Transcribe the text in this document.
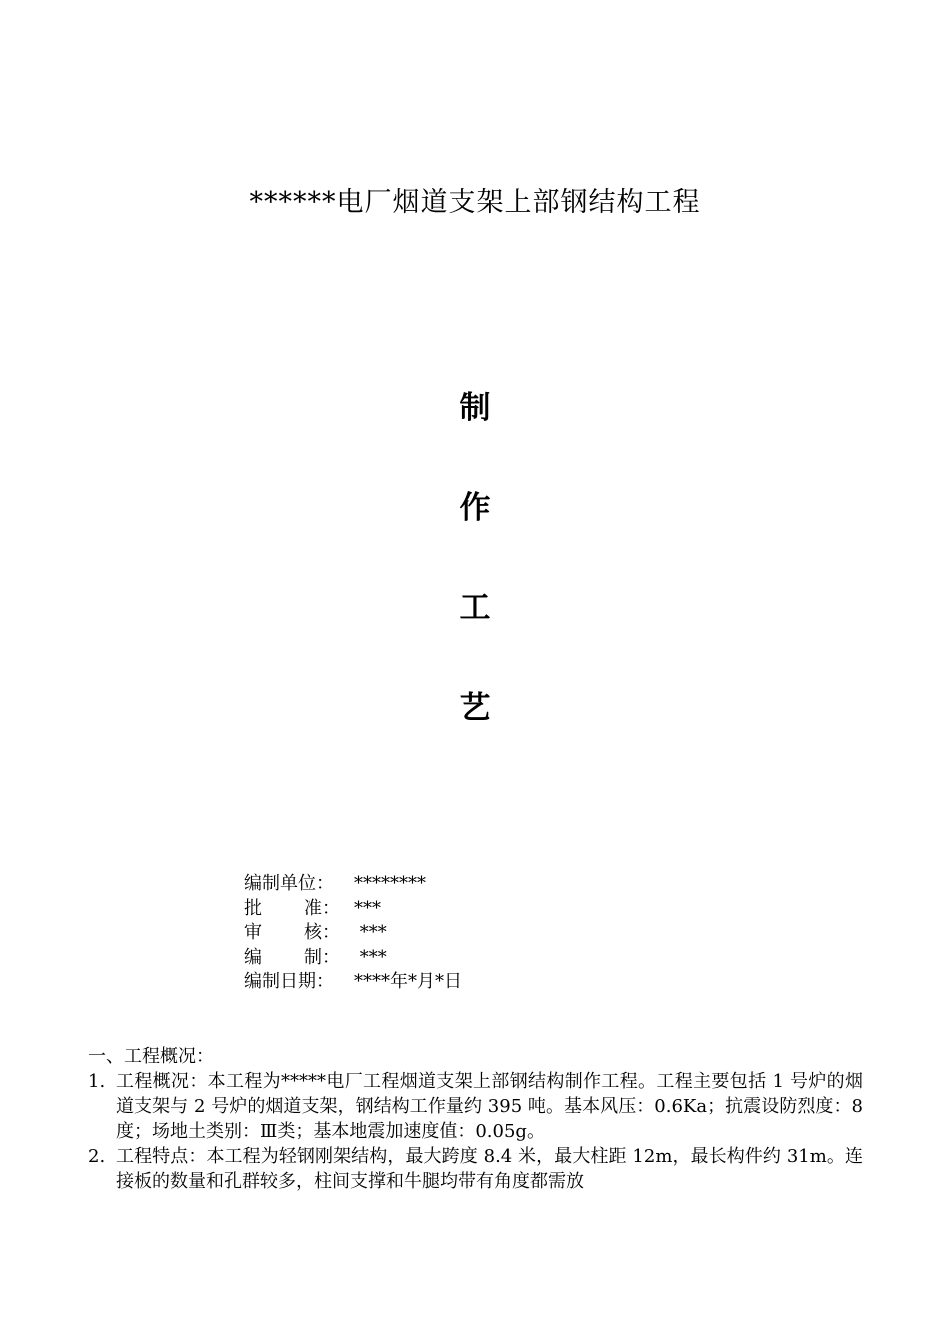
******电厂烟道支架上部钢结构工程
制
作
工
艺
编制单位：	********
批 准： ***
审 核： ***
编 制： ***
编制日期：	****年*月*日

一、工程概况：

1. 工程概况：本工程为*****电厂工程烟道支架上部钢结构制作工程。工程主要包括 1 号炉的烟道支架与 2 号炉的烟道支架，钢结构工作量约 395 吨。基本风压：0.6Ka；抗震设防烈度：8 度；场地土类别：Ⅲ类；基本地震加速度值：0.05g。
2. 工程特点：本工程为轻钢刚架结构，最大跨度 8.4 米，最大柱距 12m，最长构件约 31m。连接板的数量和孔群较多，柱间支撑和牛腿均带有角度都需放
